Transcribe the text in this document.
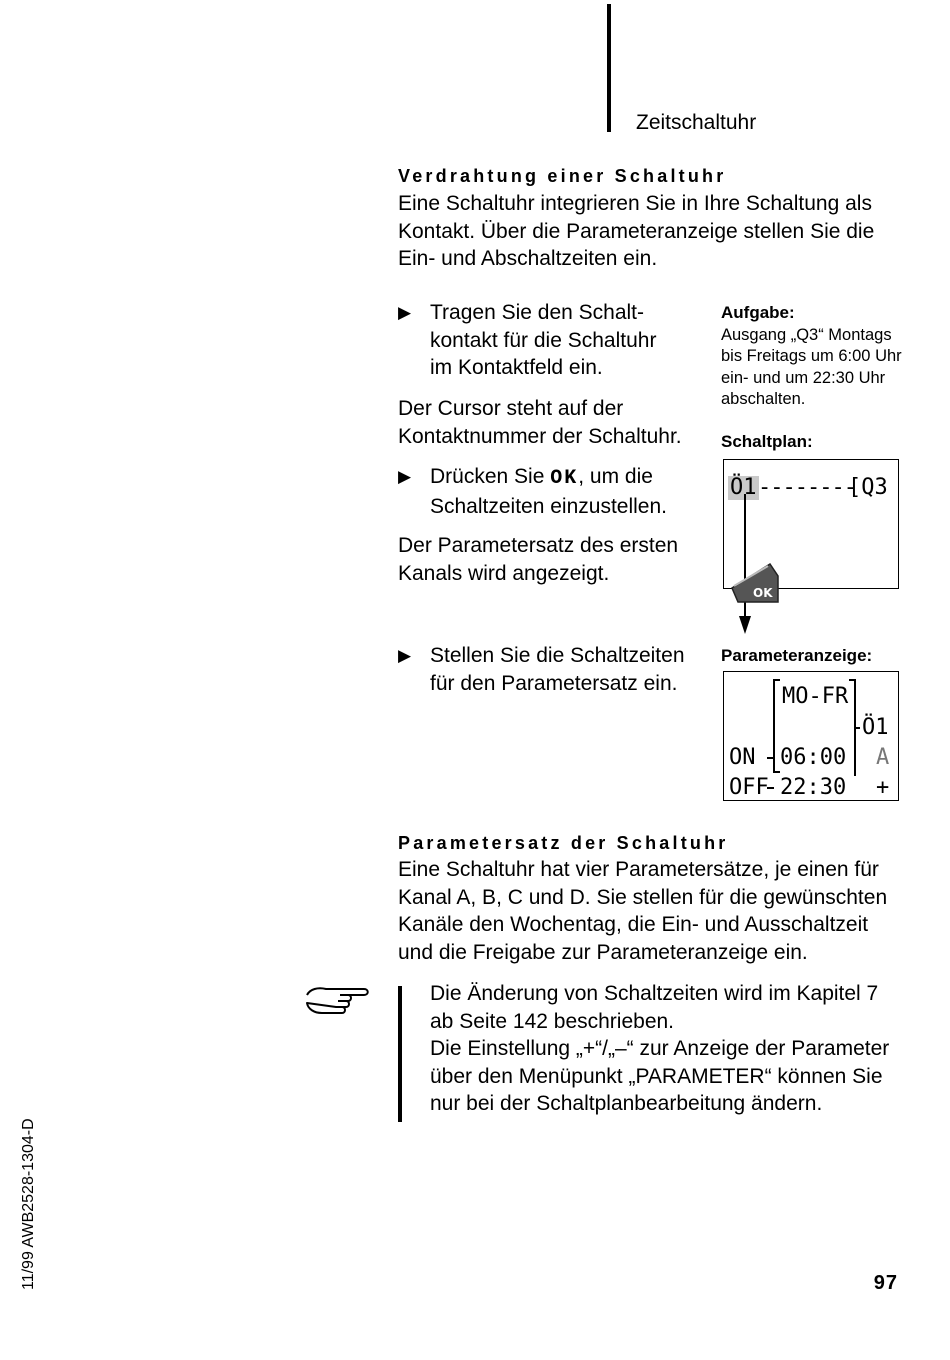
Zeitschaltuhr
Verdrahtung einer Schaltuhr
Eine Schaltuhr integrieren Sie in Ihre Schaltung als
Kontakt. Über die Parameteranzeige stellen Sie die
Ein- und Abschaltzeiten ein.
▶ Tragen Sie den Schalt-
kontakt für die Schaltuhr
im Kontaktfeld ein.
Der Cursor steht auf der
Kontaktnummer der Schaltuhr.
▶ Drücken Sie OK, um die
Schaltzeiten einzustellen.
Der Parametersatz des ersten
Kanals wird angezeigt.
▶ Stellen Sie die Schaltzeiten
für den Parametersatz ein.
Aufgabe:
Ausgang „Q3“ Montags
bis Freitags um 6:00 Uhr
ein- und um 22:30 Uhr
abschalten.
Schaltplan:
Ö1 --------
[Q3
OK
Parameteranzeige:
MO-FR
Ö1
ON 06:00 A
OFF 22:30 +
Parametersatz der Schaltuhr
Eine Schaltuhr hat vier Parametersätze, je einen für
Kanal A, B, C und D. Sie stellen für die gewünschten
Kanäle den Wochentag, die Ein- und Ausschaltzeit
und die Freigabe zur Parameteranzeige ein.
Die Änderung von Schaltzeiten wird im Kapitel 7
ab Seite 142 beschrieben.
Die Einstellung „+“/„–“ zur Anzeige der Parameter
über den Menüpunkt „PARAMETER“ können Sie
nur bei der Schaltplanbearbeitung ändern.
11/99 AWB2528-1304-D	97
